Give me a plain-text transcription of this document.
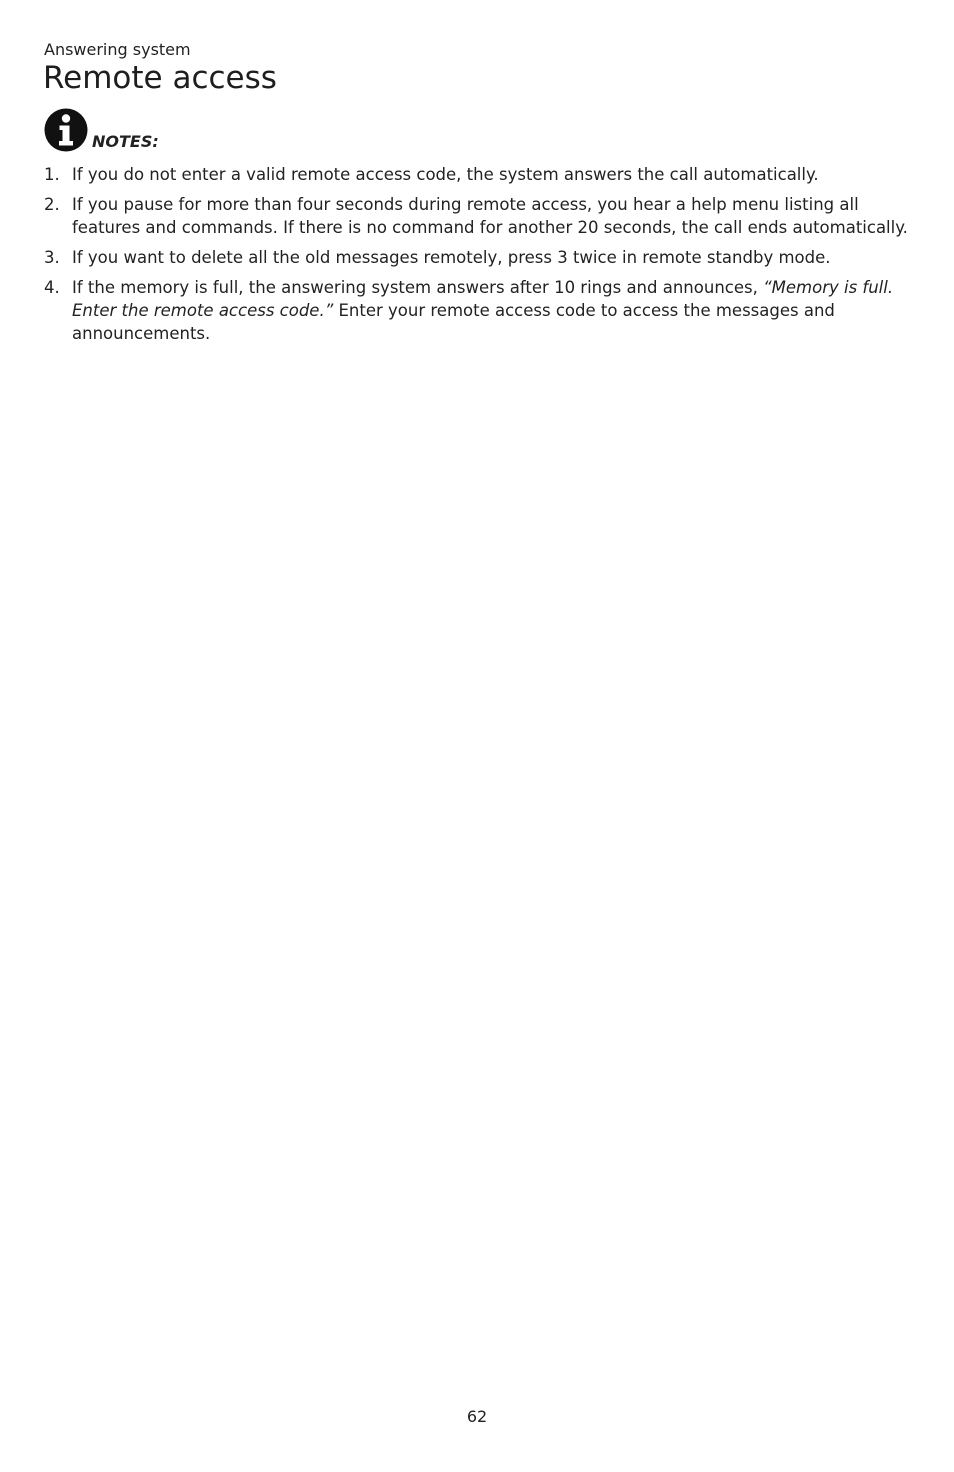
Answering system
Remote access
NOTES:
1. If you do not enter a valid remote access code, the system answers the call automatically.
2. If you pause for more than four seconds during remote access, you hear a help menu listing all features and commands. If there is no command for another 20 seconds, the call ends automatically.
3. If you want to delete all the old messages remotely, press 3 twice in remote standby mode.
4. If the memory is full, the answering system answers after 10 rings and announces, “Memory is full. Enter the remote access code.” Enter your remote access code to access the messages and announcements.
62
